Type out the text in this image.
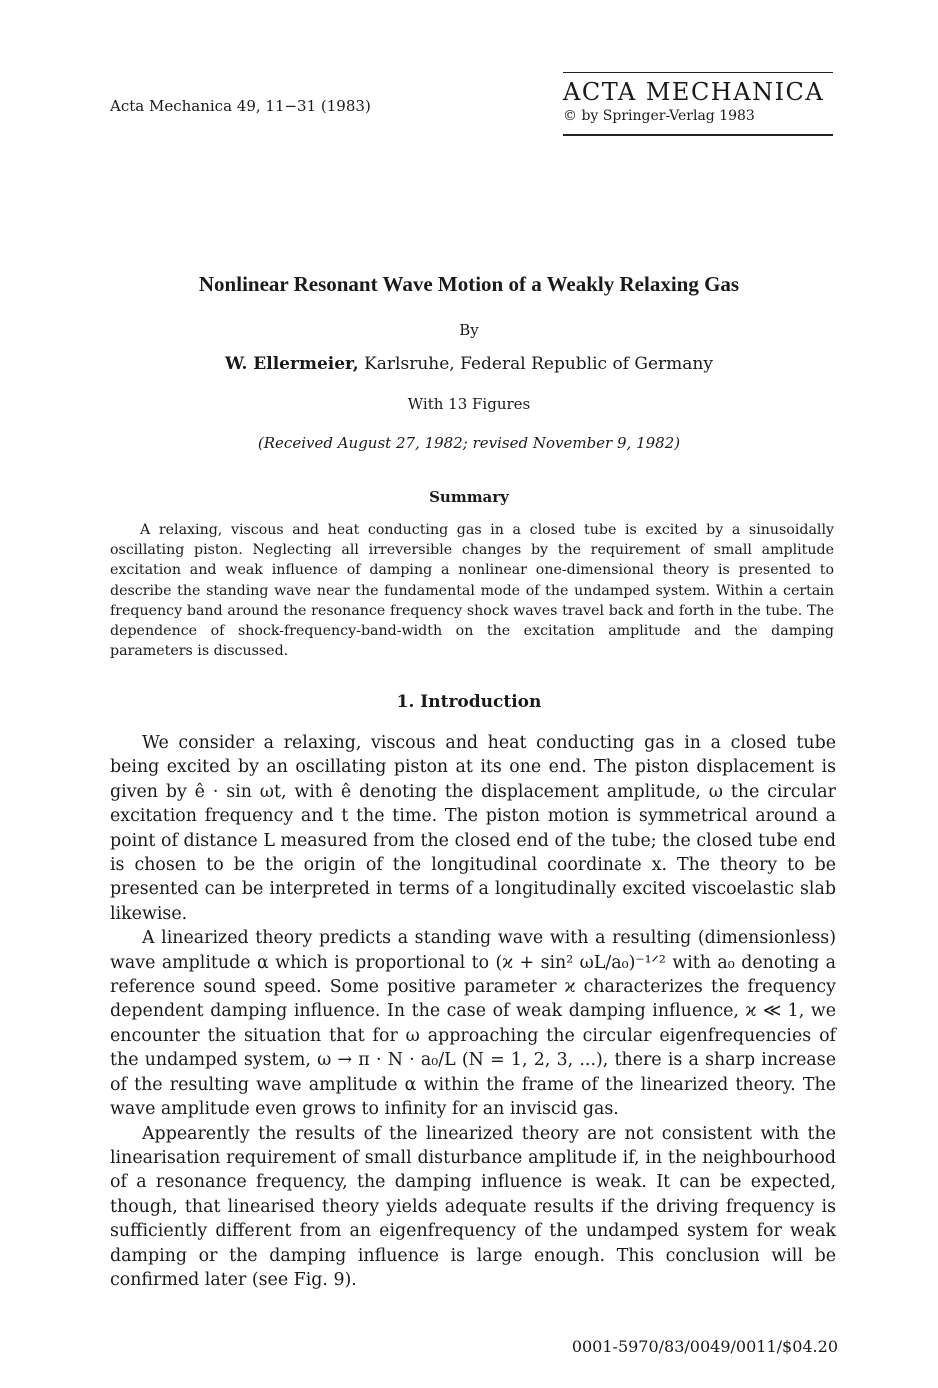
Acta Mechanica 49, 11−31 (1983)	ACTA MECHANICA
© by Springer-Verlag 1983
Nonlinear Resonant Wave Motion of a Weakly Relaxing Gas
By
W. Ellermeier, Karlsruhe, Federal Republic of Germany
With 13 Figures
(Received August 27, 1982; revised November 9, 1982)
Summary

A relaxing, viscous and heat conducting gas in a closed tube is excited by a sinusoidally oscillating piston. Neglecting all irreversible changes by the requirement of small amplitude excitation and weak influence of damping a nonlinear one-dimensional theory is presented to describe the standing wave near the fundamental mode of the undamped system. Within a certain frequency band around the resonance frequency shock waves travel back and forth in the tube. The dependence of shock-frequency-band-width on the excitation amplitude and the damping parameters is discussed.

1. Introduction

We consider a relaxing, viscous and heat conducting gas in a closed tube being excited by an oscillating piston at its one end. The piston displacement is given by ê · sin ωt, with ê denoting the displacement amplitude, ω the circular excitation frequency and t the time. The piston motion is symmetrical around a point of distance L measured from the closed end of the tube; the closed tube end is chosen to be the origin of the longitudinal coordinate x. The theory to be presented can be interpreted in terms of a longitudinally excited viscoelastic slab likewise.

A linearized theory predicts a standing wave with a resulting (dimensionless) wave amplitude α which is proportional to (ϰ + sin² ωL/a₀)⁻¹ᐟ² with a₀ denoting a reference sound speed. Some positive parameter ϰ characterizes the frequency dependent damping influence. In the case of weak damping influence, ϰ ≪ 1, we encounter the situation that for ω approaching the circular eigenfrequencies of the undamped system, ω → π · N · a₀/L (N = 1, 2, 3, ...), there is a sharp increase of the resulting wave amplitude α within the frame of the linearized theory. The wave amplitude even grows to infinity for an inviscid gas.

Appearently the results of the linearized theory are not consistent with the linearisation requirement of small disturbance amplitude if, in the neighbourhood of a resonance frequency, the damping influence is weak. It can be expected, though, that linearised theory yields adequate results if the driving frequency is sufficiently different from an eigenfrequency of the undamped system for weak damping or the damping influence is large enough. This conclusion will be confirmed later (see Fig. 9).

0001-5970/83/0049/0011/$04.20
